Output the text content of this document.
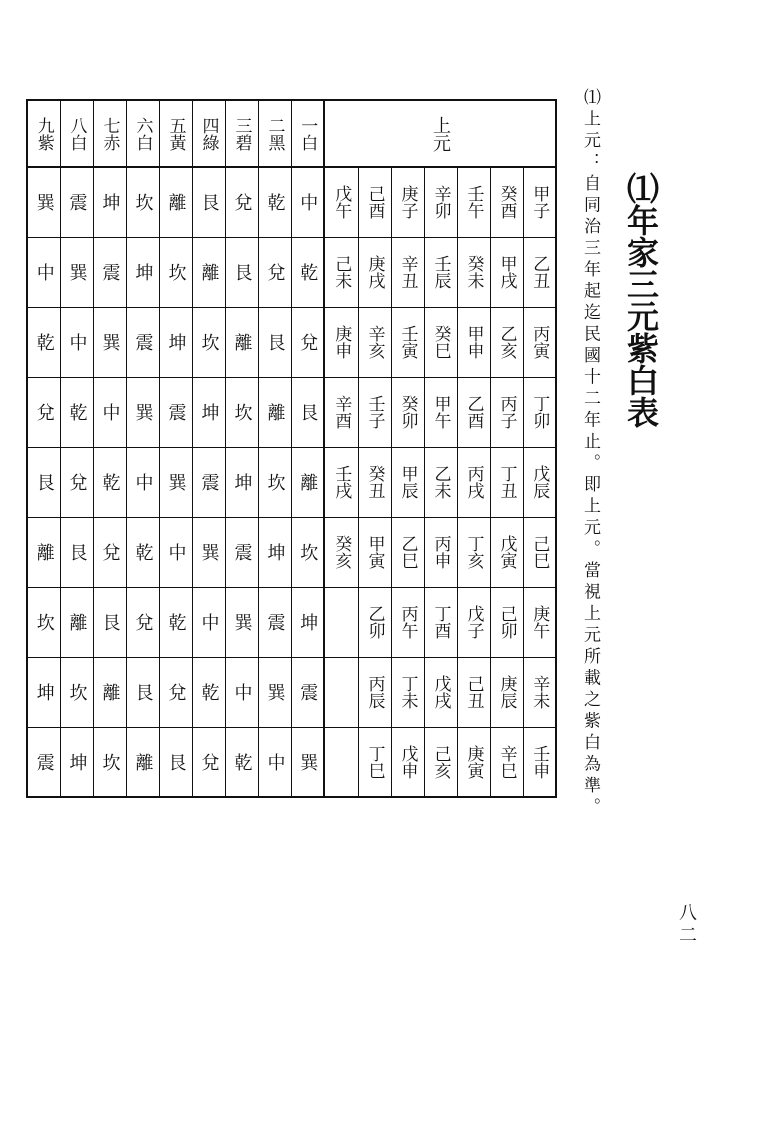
九紫	八白	七赤	六白	五黃	四綠	三碧	二黑	一白	上元						
巽	震	坤	坎	離	艮	兌	乾	中	戊午	己酉	庚子	辛卯	壬午	癸酉	甲子
中	巽	震	坤	坎	離	艮	兌	乾	己未	庚戌	辛丑	壬辰	癸未	甲戌	乙丑
乾	中	巽	震	坤	坎	離	艮	兌	庚申	辛亥	壬寅	癸巳	甲申	乙亥	丙寅
兌	乾	中	巽	震	坤	坎	離	艮	辛酉	壬子	癸卯	甲午	乙酉	丙子	丁卯
艮	兌	乾	中	巽	震	坤	坎	離	壬戌	癸丑	甲辰	乙未	丙戌	丁丑	戊辰
離	艮	兌	乾	中	巽	震	坤	坎	癸亥	甲寅	乙巳	丙申	丁亥	戊寅	己巳
坎	離	艮	兌	乾	中	巽	震	坤		乙卯	丙午	丁酉	戊子	己卯	庚午
坤	坎	離	艮	兌	乾	中	巽	震		丙辰	丁未	戊戌	己丑	庚辰	辛未
震	坤	坎	離	艮	兌	乾	中	巽		丁巳	戊申	己亥	庚寅	辛巳	壬申 ⑴上元：自同治三年起迄民國十二年止。即上元。當視上元所載之紫白為準。 ⑴年家三元紫白表
八二
